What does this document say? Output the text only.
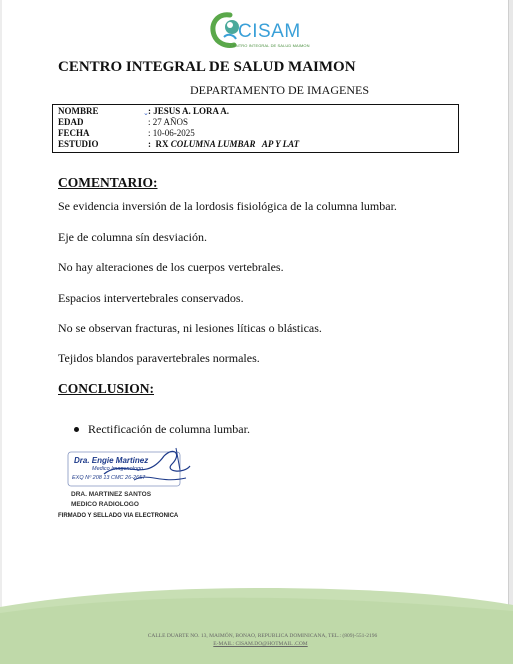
CISAM
CENTRO INTEGRAL DE SALUD MAIMON
CENTRO INTEGRAL DE SALUD MAIMON
DEPARTAMENTO DE IMAGENES
NOMBRE	⌄ : JESUS A. LORA A.
EDAD	: 27 AÑOS
FECHA	: 10-06-2025
ESTUDIO	:  RX COLUMNA LUMBAR   AP Y LAT
COMENTARIO:
Se evidencia inversión de la lordosis fisiológica de la columna lumbar.
Eje de columna sín desviación.
No hay alteraciones de los cuerpos vertebrales.
Espacios intervertebrales conservados.
No se observan fracturas, ni lesiones líticas o blásticas.
Tejidos blandos paravertebrales normales.
CONCLUSION:
Rectificación de columna lumbar.
Dra. Engie Martinez
Medico Imagenologo
EXQ Nº 208 13 CMC 26-2657
DRA. MARTINEZ SANTOS
MEDICO RADIOLOGO
FIRMADO Y SELLADO VIA ELECTRONICA
CALLE DUARTE NO. 13, MAIMÓN, BONAO, REPUBLICA DOMINICANA, TEL.: (809)-551-2196
E-MAIL: CISAM.DO@HOTMAIL .COM
